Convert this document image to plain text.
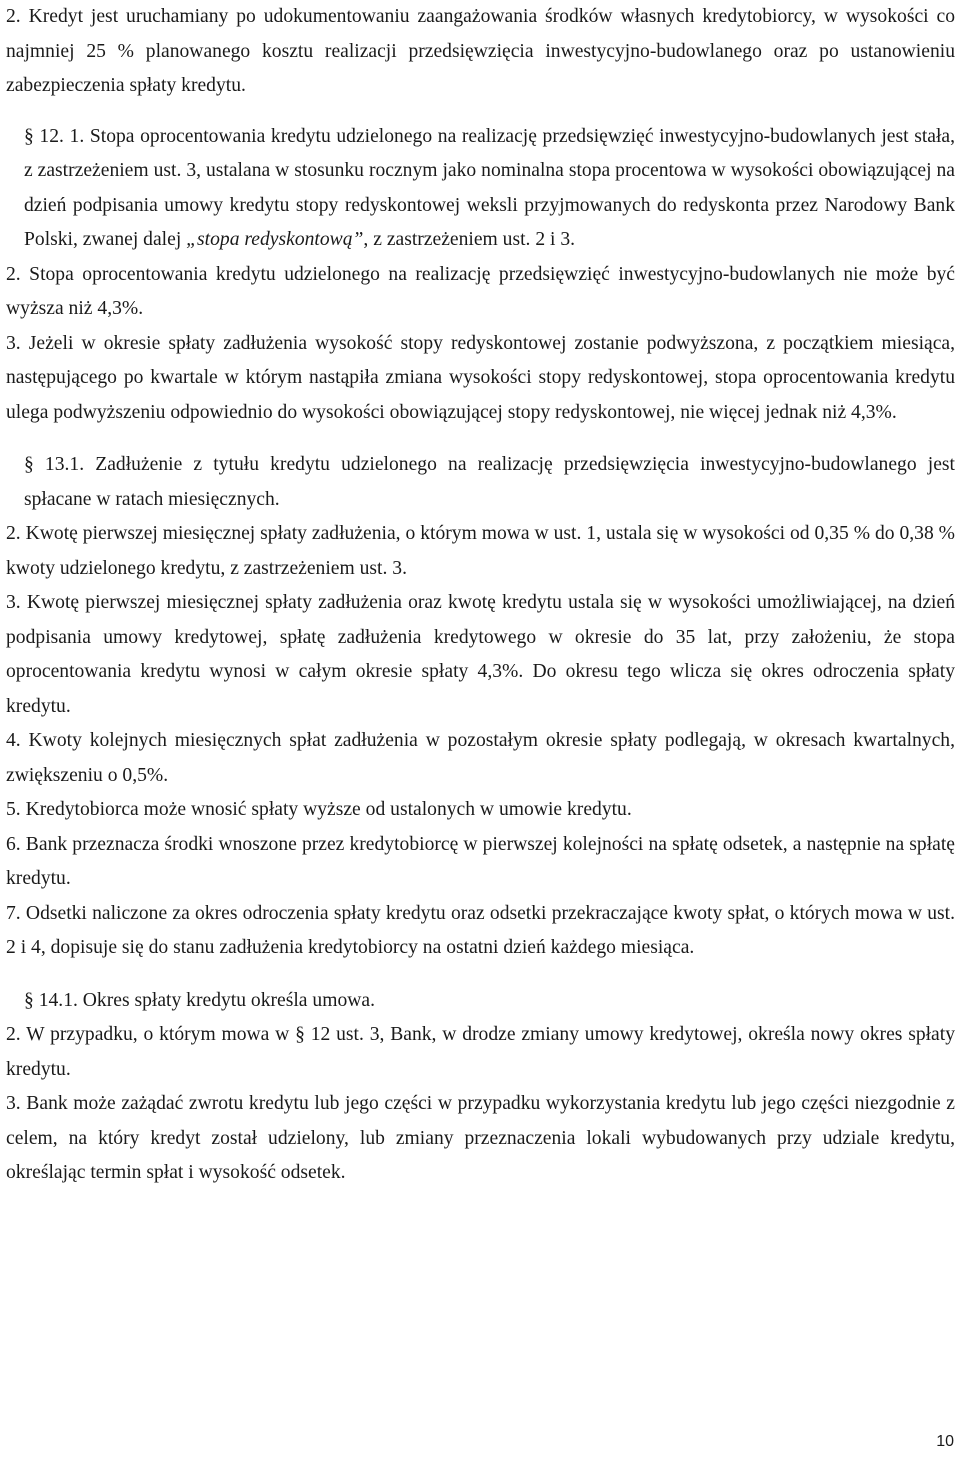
2. Kredyt jest uruchamiany po udokumentowaniu zaangażowania środków własnych kredytobiorcy, w wysokości co najmniej 25 % planowanego kosztu realizacji przedsięwzięcia inwestycyjno-budowlanego oraz po ustanowieniu zabezpieczenia spłaty kredytu.

§ 12. 1. Stopa oprocentowania kredytu udzielonego na realizację przedsięwzięć inwestycyjno-budowlanych jest stała, z zastrzeżeniem ust. 3, ustalana w stosunku rocznym jako nominalna stopa procentowa w wysokości obowiązującej na dzień podpisania umowy kredytu stopy redyskontowej weksli przyjmowanych do redyskonta przez Narodowy Bank Polski, zwanej dalej „stopa redyskontową”, z zastrzeżeniem ust. 2 i 3.

2. Stopa oprocentowania kredytu udzielonego na realizację przedsięwzięć inwestycyjno-budowlanych nie może być wyższa niż 4,3%.

3. Jeżeli w okresie spłaty zadłużenia wysokość stopy redyskontowej zostanie podwyższona, z początkiem miesiąca, następującego po kwartale w którym nastąpiła zmiana wysokości stopy redyskontowej, stopa oprocentowania kredytu ulega podwyższeniu odpowiednio do wysokości obowiązującej stopy redyskontowej, nie więcej jednak niż 4,3%.

§ 13.1. Zadłużenie z tytułu kredytu udzielonego na realizację przedsięwzięcia inwestycyjno-budowlanego jest spłacane w ratach miesięcznych.

2. Kwotę pierwszej miesięcznej spłaty zadłużenia, o którym mowa w ust. 1, ustala się w wysokości od 0,35 % do 0,38 % kwoty udzielonego kredytu, z zastrzeżeniem ust. 3.

3. Kwotę pierwszej miesięcznej spłaty zadłużenia oraz kwotę kredytu ustala się w wysokości umożliwiającej, na dzień podpisania umowy kredytowej, spłatę zadłużenia kredytowego w okresie do 35 lat, przy założeniu, że stopa oprocentowania kredytu wynosi w całym okresie spłaty 4,3%. Do okresu tego wlicza się okres odroczenia spłaty kredytu.

4. Kwoty kolejnych miesięcznych spłat zadłużenia w pozostałym okresie spłaty podlegają, w okresach kwartalnych, zwiększeniu o 0,5%.

5. Kredytobiorca może wnosić spłaty wyższe od ustalonych w umowie kredytu.

6. Bank przeznacza środki wnoszone przez kredytobiorcę w pierwszej kolejności na spłatę odsetek, a następnie na spłatę kredytu.

7. Odsetki naliczone za okres odroczenia spłaty kredytu oraz odsetki przekraczające kwoty spłat, o których mowa w ust. 2 i 4, dopisuje się do stanu zadłużenia kredytobiorcy na ostatni dzień każdego miesiąca.

§ 14.1. Okres spłaty kredytu określa umowa.

2. W przypadku, o którym mowa w § 12 ust. 3, Bank, w drodze zmiany umowy kredytowej, określa nowy okres spłaty kredytu.

3. Bank może zażądać zwrotu kredytu lub jego części w przypadku wykorzystania kredytu lub jego części niezgodnie z celem, na który kredyt został udzielony, lub zmiany przeznaczenia lokali wybudowanych przy udziale kredytu, określając termin spłat i wysokość odsetek.

10
